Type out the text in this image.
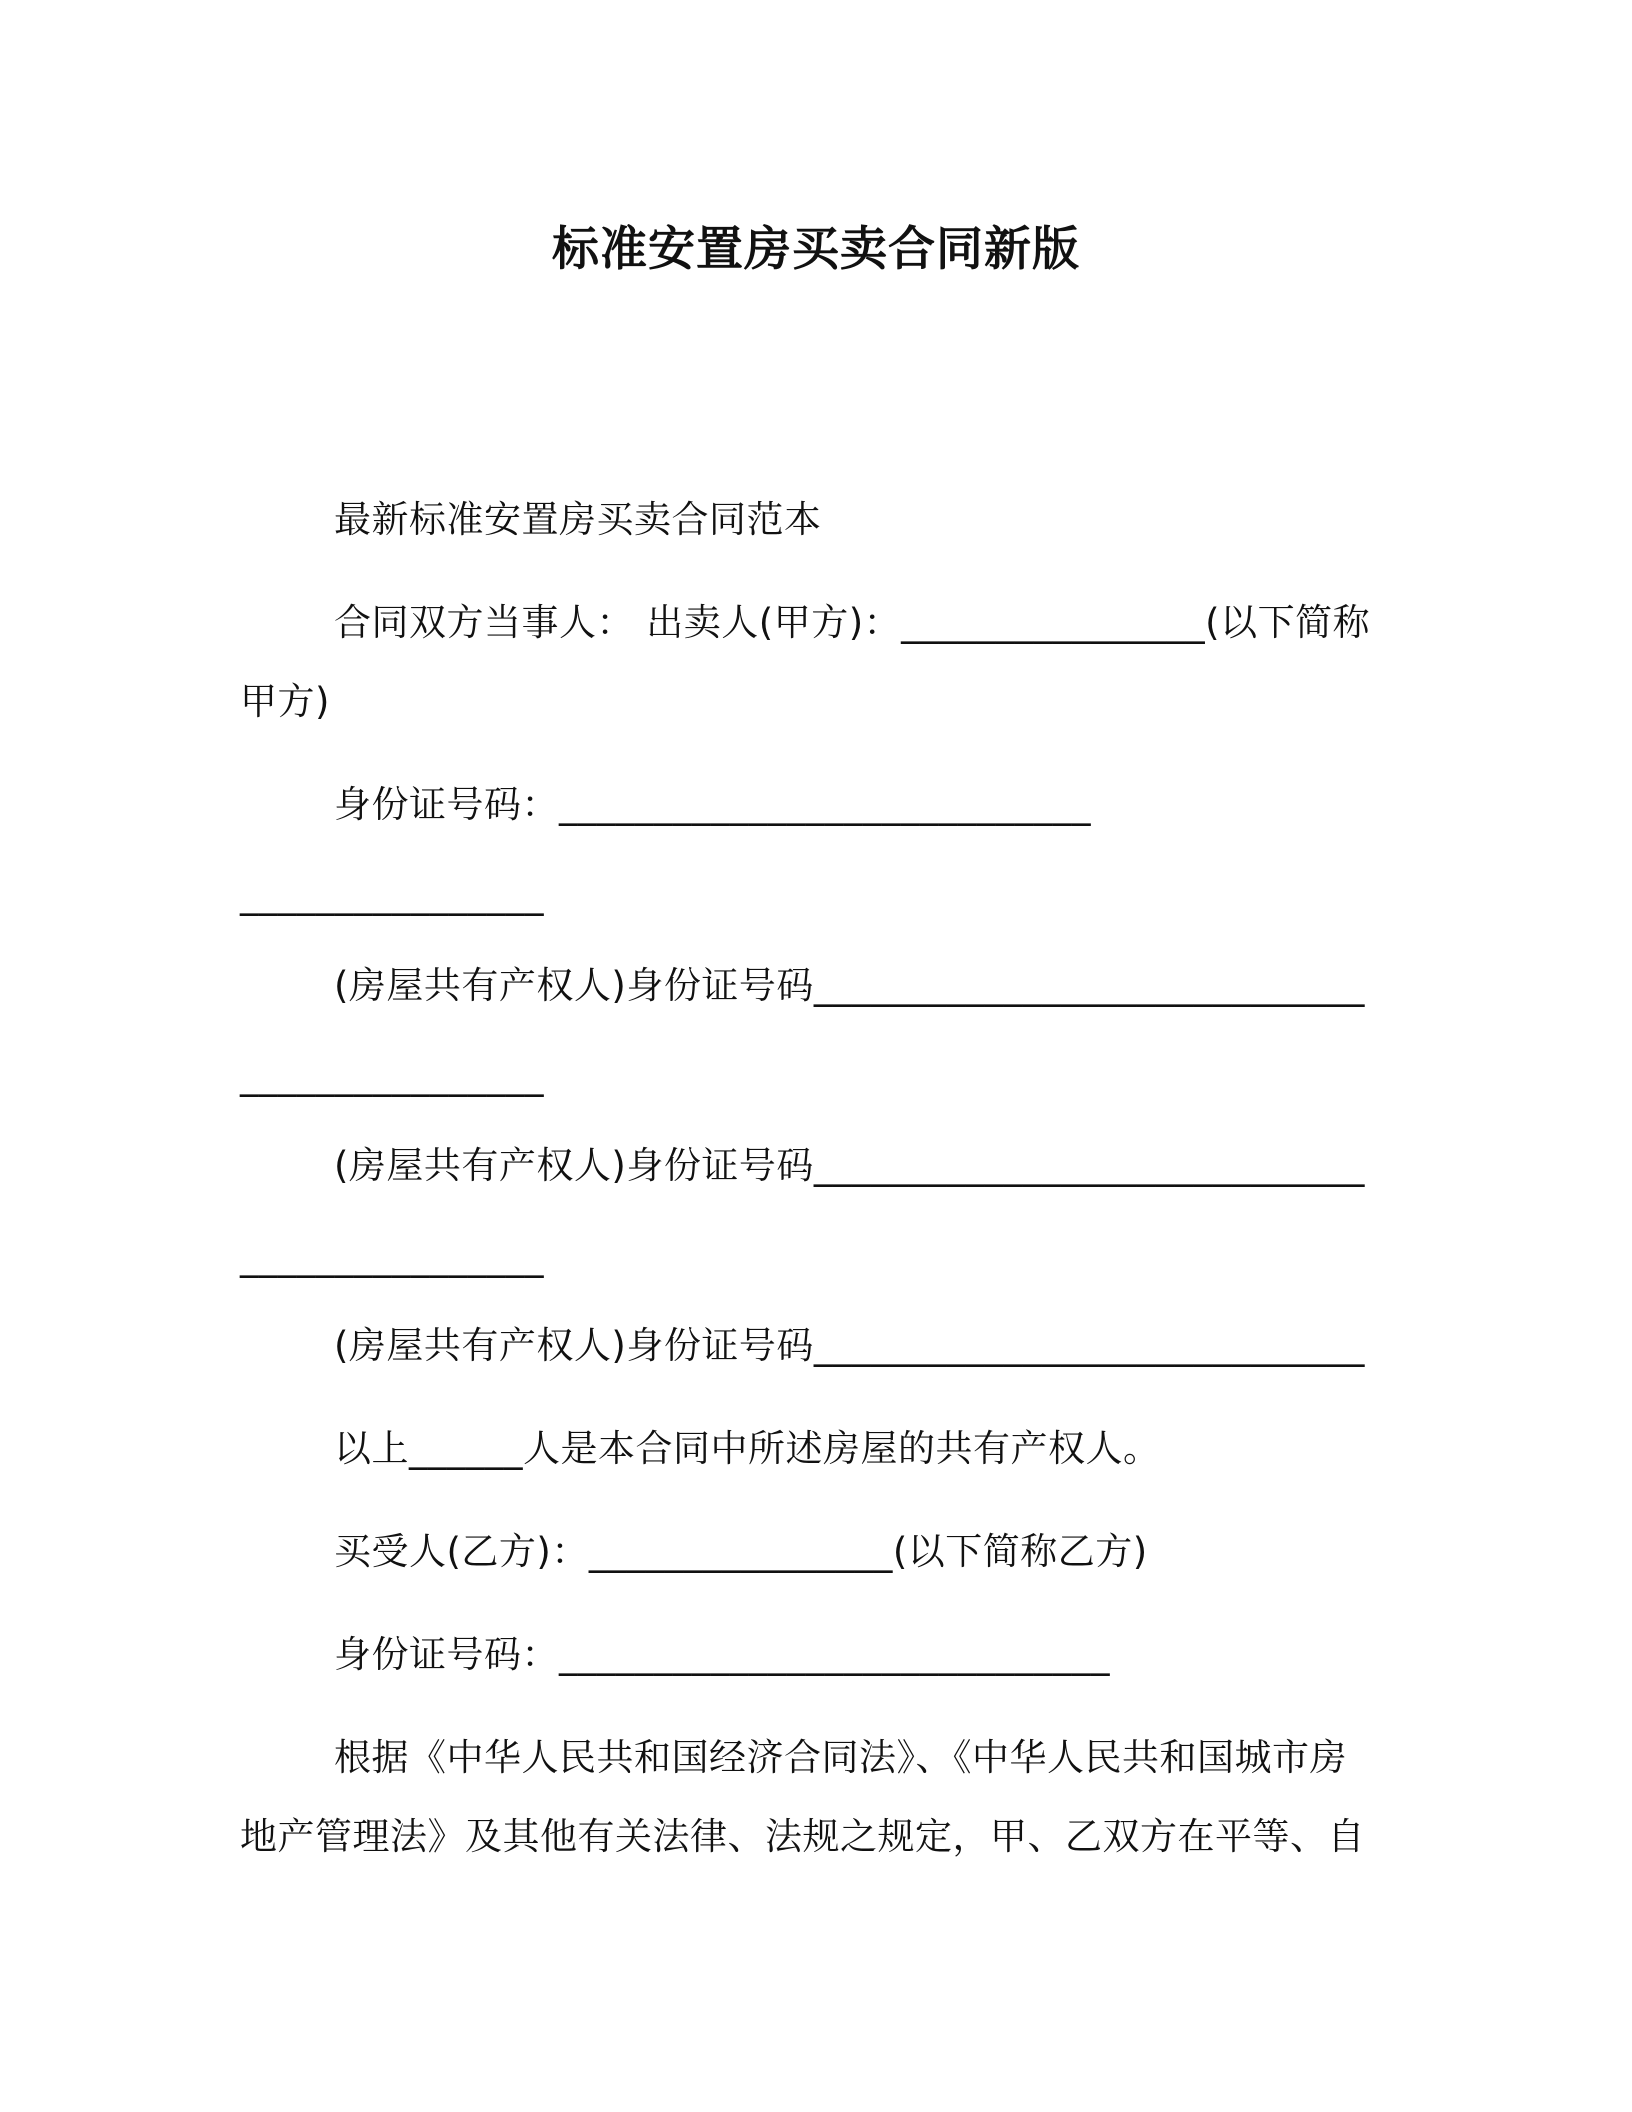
标准安置房买卖合同新版
最新标准安置房买卖合同范本
合同双方当事人： 出卖人(甲方)：________________(以下简称
甲方)
身份证号码：____________________________
________________
(房屋共有产权人)身份证号码_____________________________
________________
(房屋共有产权人)身份证号码_____________________________
________________
(房屋共有产权人)身份证号码_____________________________
以上______人是本合同中所述房屋的共有产权人。
买受人(乙方)：________________(以下简称乙方)
身份证号码：_____________________________
根据《中华人民共和国经济合同法》、《中华人民共和国城市房
地产管理法》及其他有关法律、法规之规定，甲、乙双方在平等、自
